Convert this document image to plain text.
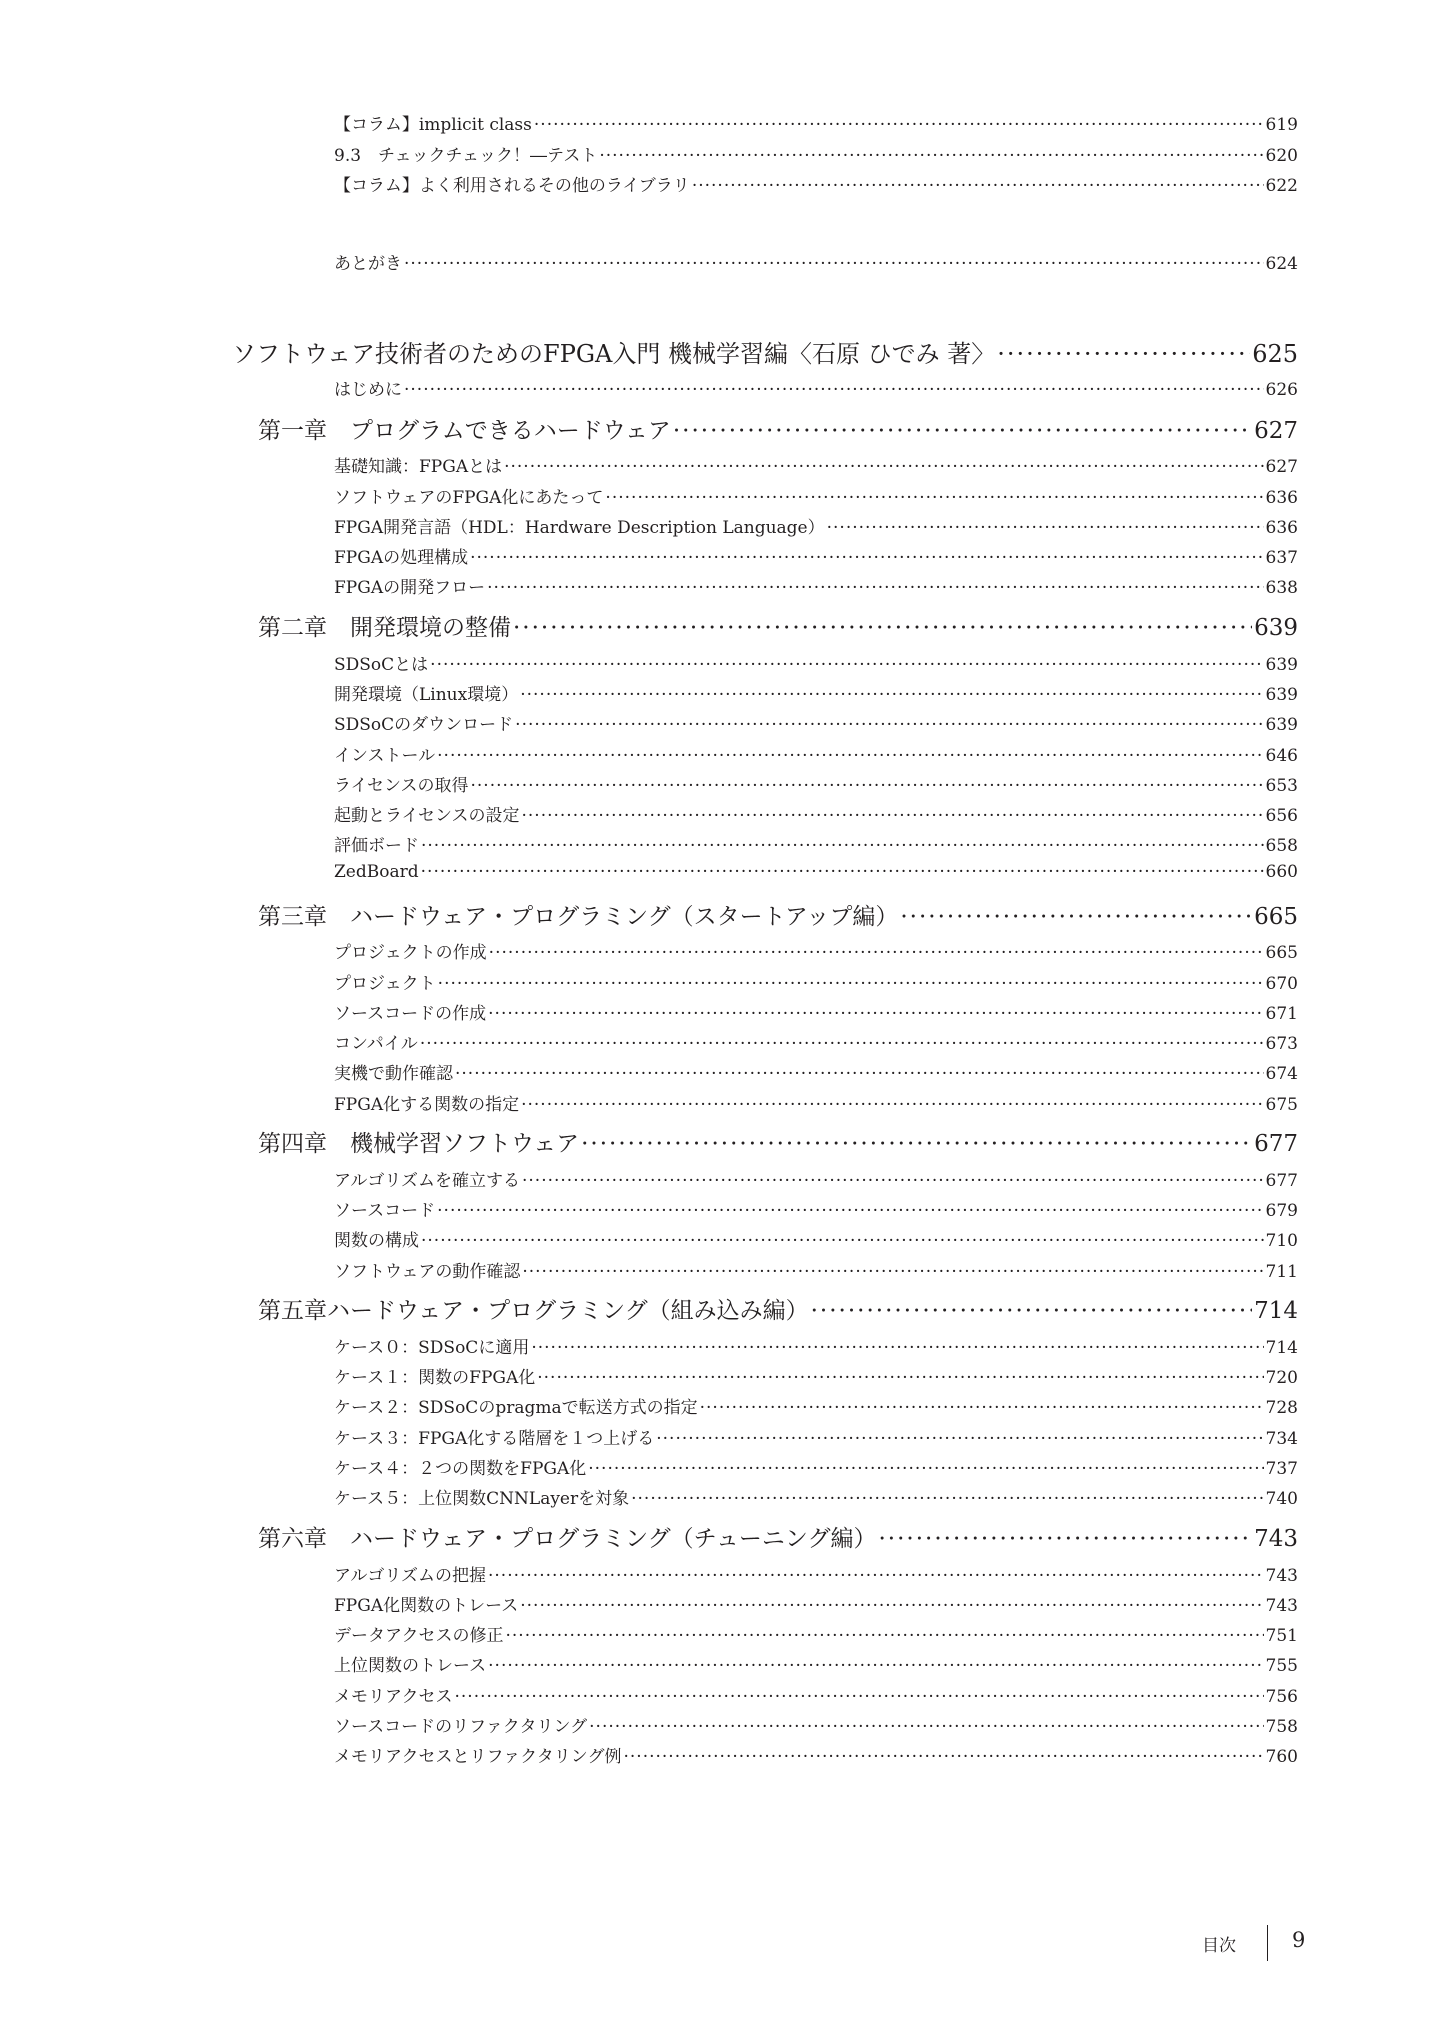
【コラム】implicit class ·····	619
9.3　チェックチェック！―テスト ·····	620
【コラム】よく利用されるその他のライブラリ ·····	622
あとがき ·····	624
ソフトウェア技術者のためのFPGA入門 機械学習編〈石原 ひでみ 著〉 ·····	625
はじめに ·····	626
第一章　プログラムできるハードウェア ·····	627
基礎知識：FPGAとは ·····	627
ソフトウェアのFPGA化にあたって ·····	636
FPGA開発言語（HDL：Hardware Description Language） ·····	636
FPGAの処理構成 ·····	637
FPGAの開発フロー ·····	638
第二章　開発環境の整備 ·····	639
SDSoCとは ·····	639
開発環境（Linux環境） ·····	639
SDSoCのダウンロード ·····	639
インストール ·····	646
ライセンスの取得 ·····	653
起動とライセンスの設定 ·····	656
評価ボード ·····	658
ZedBoard ·····	660
第三章　ハードウェア・プログラミング（スタートアップ編） ·····	665
プロジェクトの作成 ·····	665
プロジェクト ·····	670
ソースコードの作成 ·····	671
コンパイル ·····	673
実機で動作確認 ·····	674
FPGA化する関数の指定 ·····	675
第四章　機械学習ソフトウェア ·····	677
アルゴリズムを確立する ·····	677
ソースコード ·····	679
関数の構成 ·····	710
ソフトウェアの動作確認 ·····	711
第五章ハードウェア・プログラミング（組み込み編） ·····	714
ケース０：SDSoCに適用 ·····	714
ケース１：関数のFPGA化 ·····	720
ケース２：SDSoCのpragmaで転送方式の指定 ·····	728
ケース３：FPGA化する階層を１つ上げる ·····	734
ケース４：２つの関数をFPGA化 ·····	737
ケース５：上位関数CNNLayerを対象 ·····	740
第六章　ハードウェア・プログラミング（チューニング編） ·····	743
アルゴリズムの把握 ·····	743
FPGA化関数のトレース ·····	743
データアクセスの修正 ·····	751
上位関数のトレース ·····	755
メモリアクセス ·····	756
ソースコードのリファクタリング ·····	758
メモリアクセスとリファクタリング例 ·····	760
目次	9
